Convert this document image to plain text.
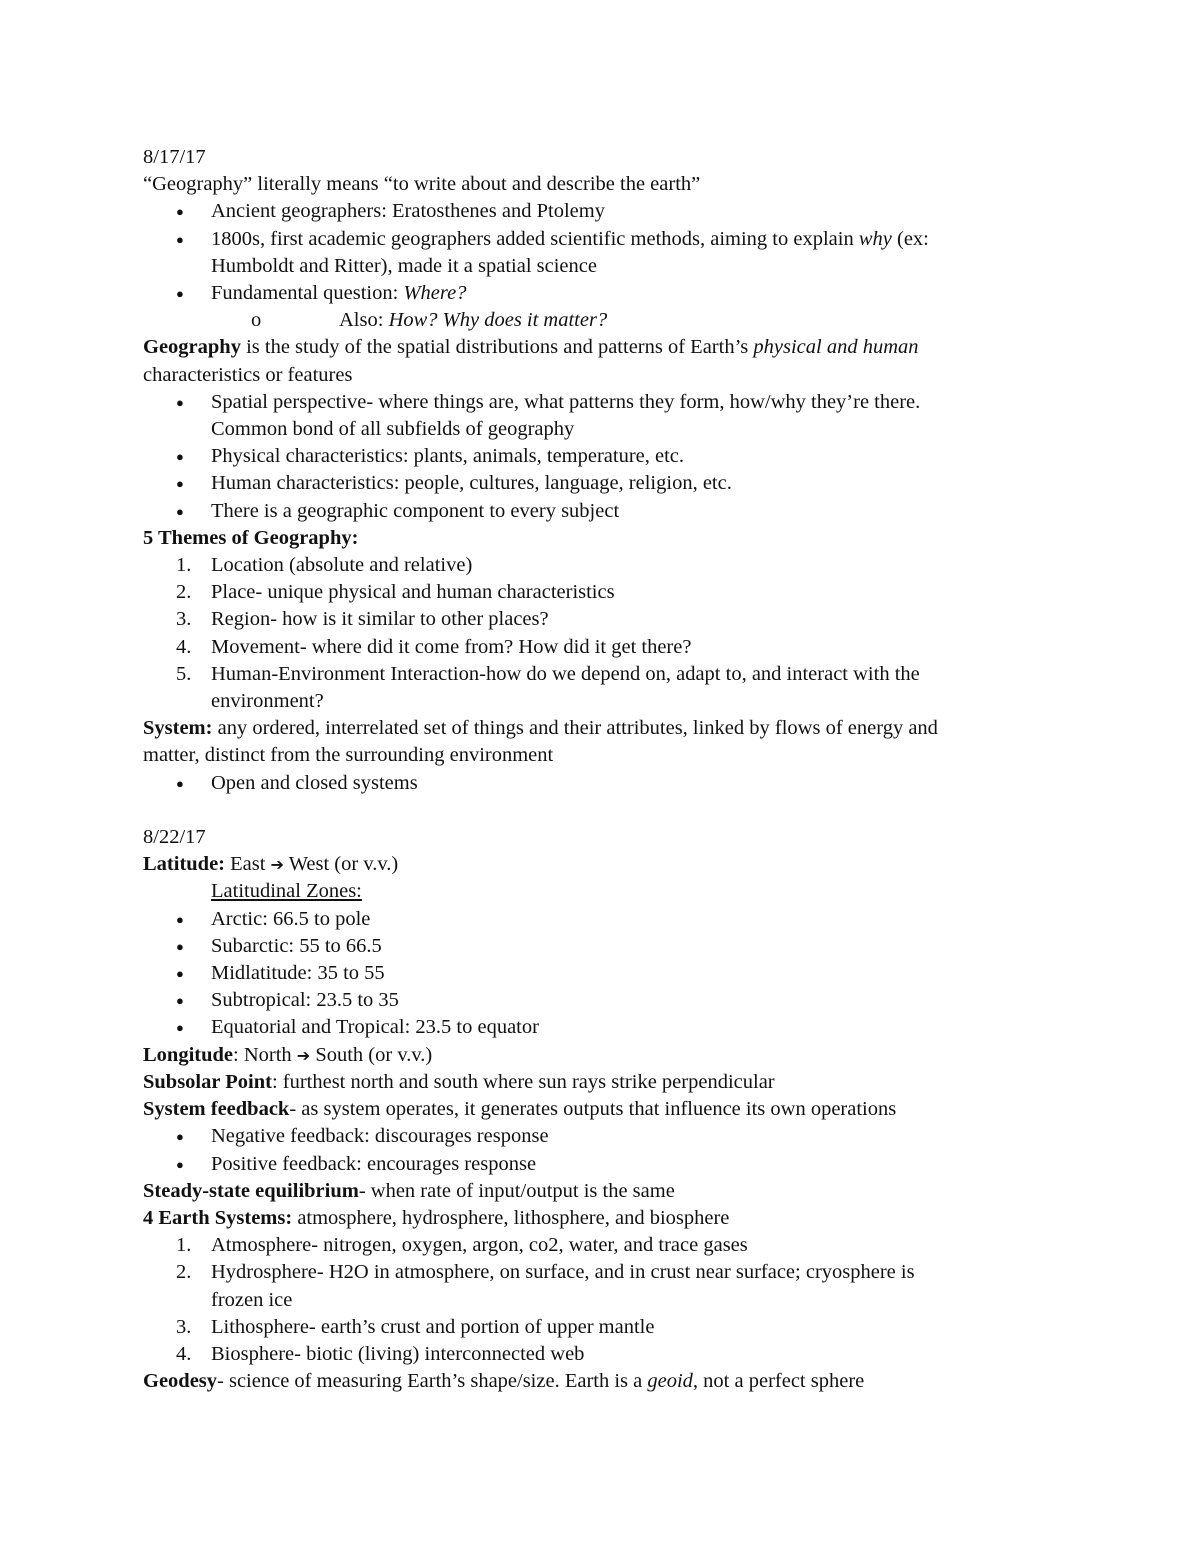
8/17/17
“Geography” literally means “to write about and describe the earth”
● Ancient geographers: Eratosthenes and Ptolemy
● 1800s, first academic geographers added scientific methods, aiming to explain why (ex:
Humboldt and Ritter), made it a spatial science
● Fundamental question: Where?
o	Also: How? Why does it matter?
Geography is the study of the spatial distributions and patterns of Earth’s physical and human
characteristics or features
● Spatial perspective- where things are, what patterns they form, how/why they’re there.
Common bond of all subfields of geography
● Physical characteristics: plants, animals, temperature, etc.
● Human characteristics: people, cultures, language, religion, etc.
● There is a geographic component to every subject
5 Themes of Geography:
1. Location (absolute and relative)
2. Place- unique physical and human characteristics
3. Region- how is it similar to other places?
4. Movement- where did it come from? How did it get there?
5. Human-Environment Interaction-how do we depend on, adapt to, and interact with the
environment?
System: any ordered, interrelated set of things and their attributes, linked by flows of energy and
matter, distinct from the surrounding environment
● Open and closed systems
8/22/17
Latitude: East ➔ West (or v.v.)
Latitudinal Zones:
● Arctic: 66.5 to pole
● Subarctic: 55 to 66.5
● Midlatitude: 35 to 55
● Subtropical: 23.5 to 35
● Equatorial and Tropical: 23.5 to equator
Longitude: North ➔ South (or v.v.)
Subsolar Point: furthest north and south where sun rays strike perpendicular
System feedback- as system operates, it generates outputs that influence its own operations
● Negative feedback: discourages response
● Positive feedback: encourages response
Steady-state equilibrium- when rate of input/output is the same
4 Earth Systems: atmosphere, hydrosphere, lithosphere, and biosphere
1. Atmosphere- nitrogen, oxygen, argon, co2, water, and trace gases
2. Hydrosphere- H2O in atmosphere, on surface, and in crust near surface; cryosphere is
frozen ice
3. Lithosphere- earth’s crust and portion of upper mantle
4. Biosphere- biotic (living) interconnected web
Geodesy- science of measuring Earth’s shape/size. Earth is a geoid, not a perfect sphere
